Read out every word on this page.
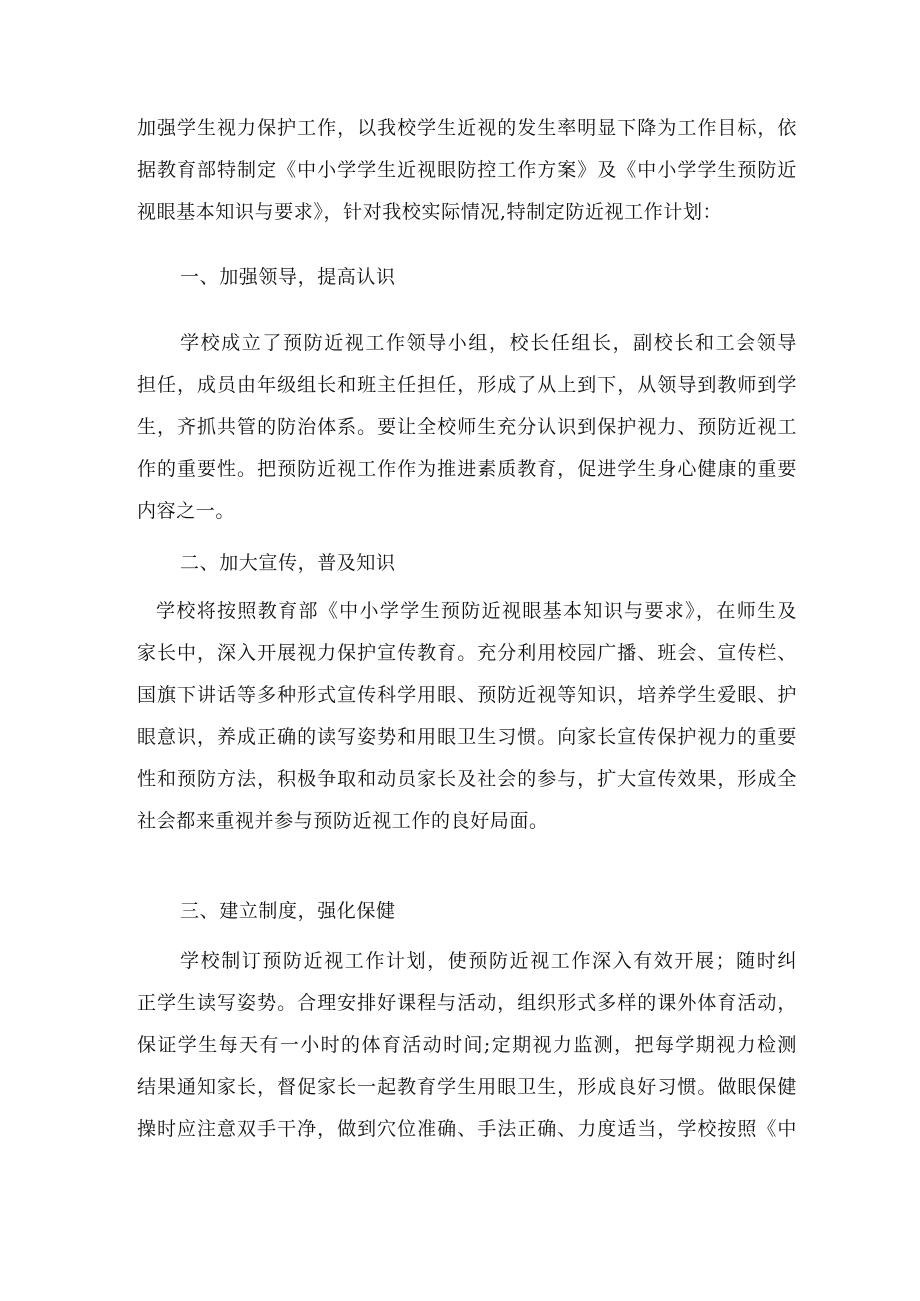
加强学生视力保护工作，以我校学生近视的发生率明显下降为工作目标，依
据教育部特制定《中小学学生近视眼防控工作方案》及《中小学学生预防近
视眼基本知识与要求》，针对我校实际情况,特制定防近视工作计划：
一、加强领导，提高认识
学校成立了预防近视工作领导小组，校长任组长，副校长和工会领导
担任，成员由年级组长和班主任担任，形成了从上到下，从领导到教师到学
生，齐抓共管的防治体系。要让全校师生充分认识到保护视力、预防近视工
作的重要性。把预防近视工作作为推进素质教育，促进学生身心健康的重要
内容之一。
二、加大宣传，普及知识
学校将按照教育部《中小学学生预防近视眼基本知识与要求》，在师生及
家长中，深入开展视力保护宣传教育。充分利用校园广播、班会、宣传栏、
国旗下讲话等多种形式宣传科学用眼、预防近视等知识，培养学生爱眼、护
眼意识，养成正确的读写姿势和用眼卫生习惯。向家长宣传保护视力的重要
性和预防方法，积极争取和动员家长及社会的参与，扩大宣传效果，形成全
社会都来重视并参与预防近视工作的良好局面。
三、建立制度，强化保健
学校制订预防近视工作计划，使预防近视工作深入有效开展；随时纠
正学生读写姿势。合理安排好课程与活动，组织形式多样的课外体育活动，
保证学生每天有一小时的体育活动时间;定期视力监测，把每学期视力检测
结果通知家长，督促家长一起教育学生用眼卫生，形成良好习惯。做眼保健
操时应注意双手干净，做到穴位准确、手法正确、力度适当，学校按照《中
